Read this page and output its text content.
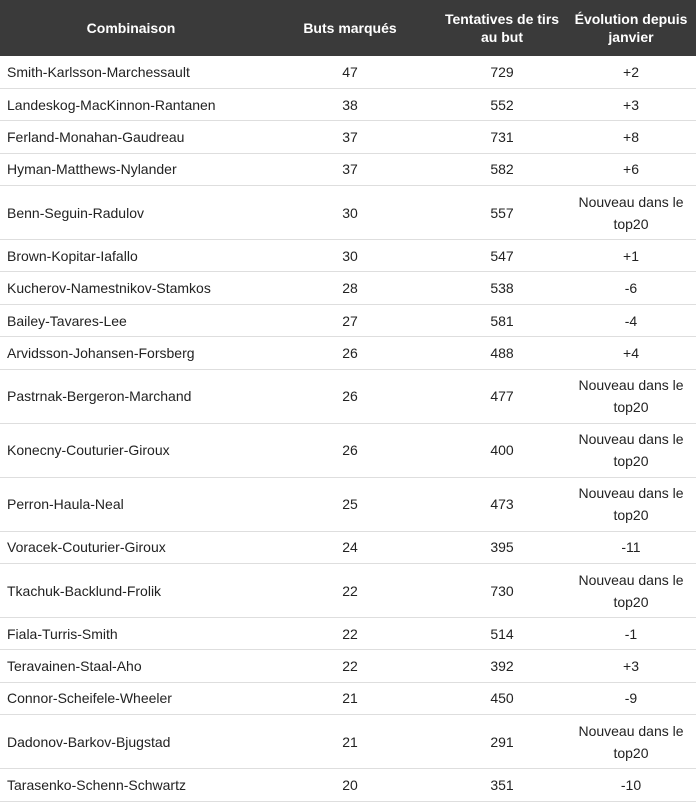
Combinaison	Buts marqués	Tentatives de tirs au but	Évolution depuis janvier
Smith-Karlsson-Marchessault	47	729	+2
Landeskog-MacKinnon-Rantanen	38	552	+3
Ferland-Monahan-Gaudreau	37	731	+8
Hyman-Matthews-Nylander	37	582	+6
Benn-Seguin-Radulov	30	557	Nouveau dans le top20
Brown-Kopitar-Iafallo	30	547	+1
Kucherov-Namestnikov-Stamkos	28	538	-6
Bailey-Tavares-Lee	27	581	-4
Arvidsson-Johansen-Forsberg	26	488	+4
Pastrnak-Bergeron-Marchand	26	477	Nouveau dans le top20
Konecny-Couturier-Giroux	26	400	Nouveau dans le top20
Perron-Haula-Neal	25	473	Nouveau dans le top20
Voracek-Couturier-Giroux	24	395	-11
Tkachuk-Backlund-Frolik	22	730	Nouveau dans le top20
Fiala-Turris-Smith	22	514	-1
Teravainen-Staal-Aho	22	392	+3
Connor-Scheifele-Wheeler	21	450	-9
Dadonov-Barkov-Bjugstad	21	291	Nouveau dans le top20
Tarasenko-Schenn-Schwartz	20	351	-10
